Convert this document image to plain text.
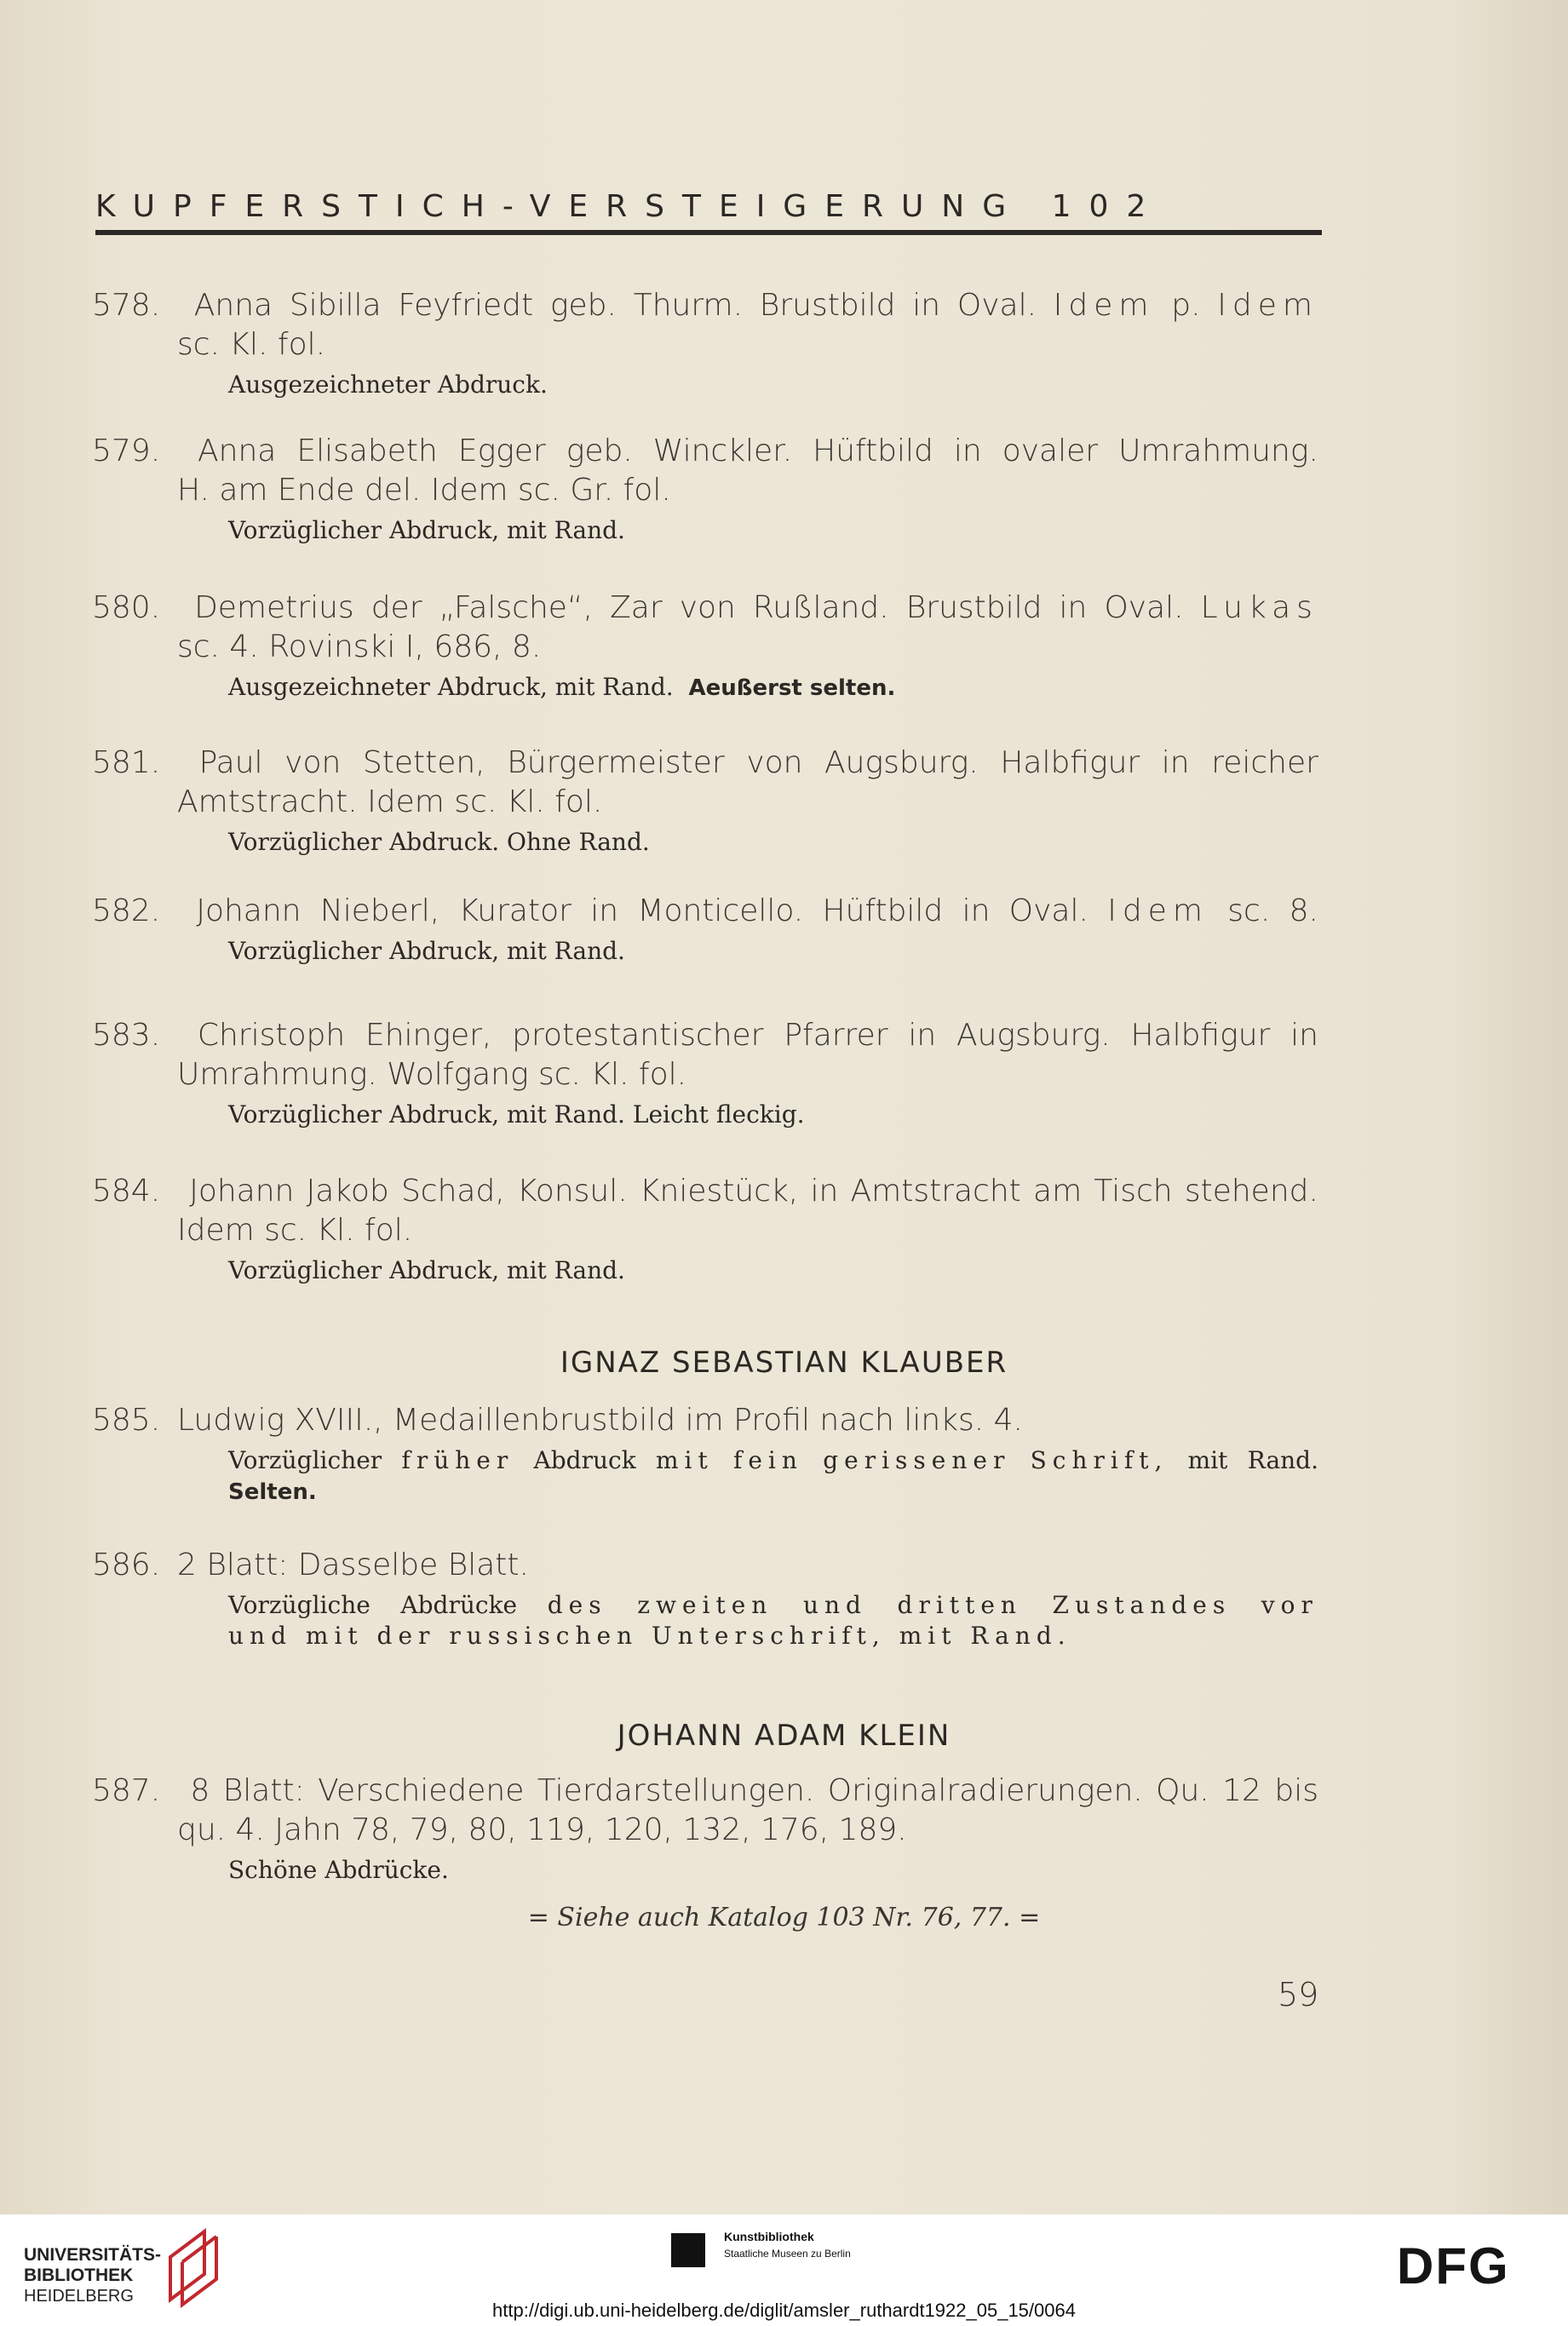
KUPFERSTICH-VERSTEIGERUNG 102
578.	Anna Sibilla Feyfriedt geb. Thurm. Brustbild in Oval. Idem p. Idem
sc. Kl. fol.
Ausgezeichneter Abdruck.
579.	Anna Elisabeth Egger geb. Winckler. Hüftbild in ovaler Umrahmung.
H. am Ende del. Idem sc. Gr. fol.
Vorzüglicher Abdruck, mit Rand.
580.	Demetrius der „Falsche“, Zar von Rußland. Brustbild in Oval. Lukas
sc. 4. Rovinski I, 686, 8.
Ausgezeichneter Abdruck, mit Rand. Aeußerst selten.
581.	Paul von Stetten, Bürgermeister von Augsburg. Halbfigur in reicher
Amtstracht. Idem sc. Kl. fol.
Vorzüglicher Abdruck. Ohne Rand.
582.	Johann Nieberl, Kurator in Monticello. Hüftbild in Oval. Idem sc. 8.
Vorzüglicher Abdruck, mit Rand.
583.	Christoph Ehinger, protestantischer Pfarrer in Augsburg. Halbfigur in
Umrahmung. Wolfgang sc. Kl. fol.
Vorzüglicher Abdruck, mit Rand. Leicht fleckig.
584. Johann Jakob Schad, Konsul. Kniestück, in Amtstracht am Tisch stehend.
Idem sc. Kl. fol.
Vorzüglicher Abdruck, mit Rand.
IGNAZ SEBASTIAN KLAUBER
585. Ludwig XVIII., Medaillenbrustbild im Profil nach links. 4.
Vorzüglicher früher Abdruck mit fein gerissener Schrift, mit Rand.
Selten.
586. 2 Blatt: Dasselbe Blatt.
Vorzügliche Abdrücke des zweiten und dritten Zustandes vor
und mit der russischen Unterschrift, mit Rand.
JOHANN ADAM KLEIN
587. 8 Blatt: Verschiedene Tierdarstellungen. Originalradierungen. Qu. 12 bis
qu. 4. Jahn 78, 79, 80, 119, 120, 132, 176, 189.
Schöne Abdrücke.
= Siehe auch Katalog 103 Nr. 76, 77. =
59
UNIVERSITÄTS-
BIBLIOTHEK
HEIDELBERG
Kunstbibliothek
Staatliche Museen zu Berlin	DFG
http://digi.ub.uni-heidelberg.de/diglit/amsler_ruthardt1922_05_15/0064
